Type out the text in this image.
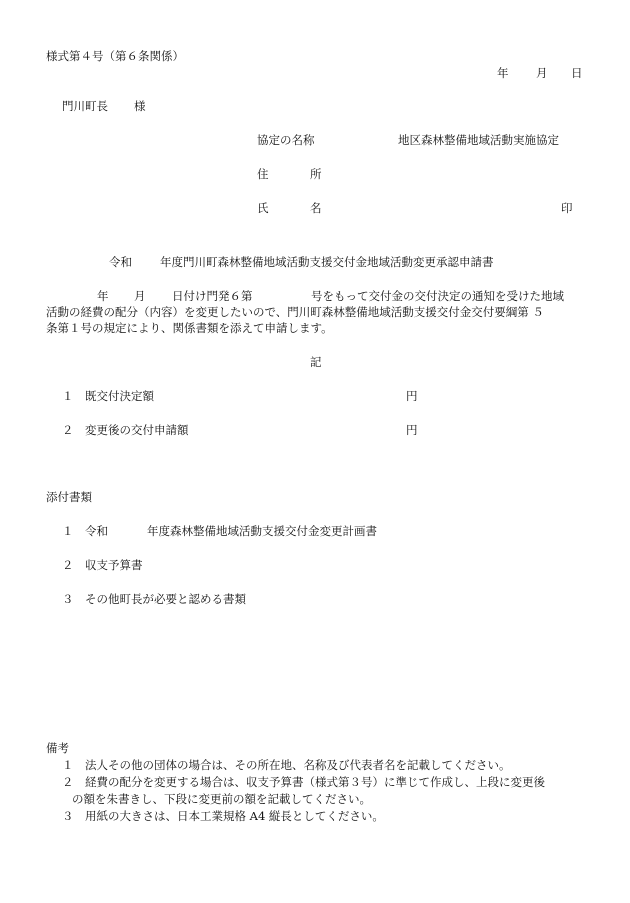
様式第４号（第６条関係）
年 月 日
門川町長 様
協定の名称	地区森林整備地域活動実施協定
住	所
氏	名	印
令和 年度門川町森林整備地域活動支援交付金地域活動変更承認申請書
年 月 日付け門発６第	号をもって交付金の交付決定の通知を受けた地域
活動の経費の配分（内容）を変更したいので、門川町森林整備地域活動支援交付金交付要綱第 ５
条第１号の規定により、関係書類を添えて申請します。
記
１ 既交付決定額	円
２ 変更後の交付申請額	円
添付書類
１ 令和	年度森林整備地域活動支援交付金変更計画書
２ 収支予算書
３ その他町長が必要と認める書類
備考
１ 法人その他の団体の場合は、その所在地、名称及び代表者名を記載してください。
２ 経費の配分を変更する場合は、収支予算書（様式第３号）に準じて作成し、上段に変更後
の額を朱書きし、下段に変更前の額を記載してください。
３ 用紙の大きさは、日本工業規格 A4 縦長としてください。
